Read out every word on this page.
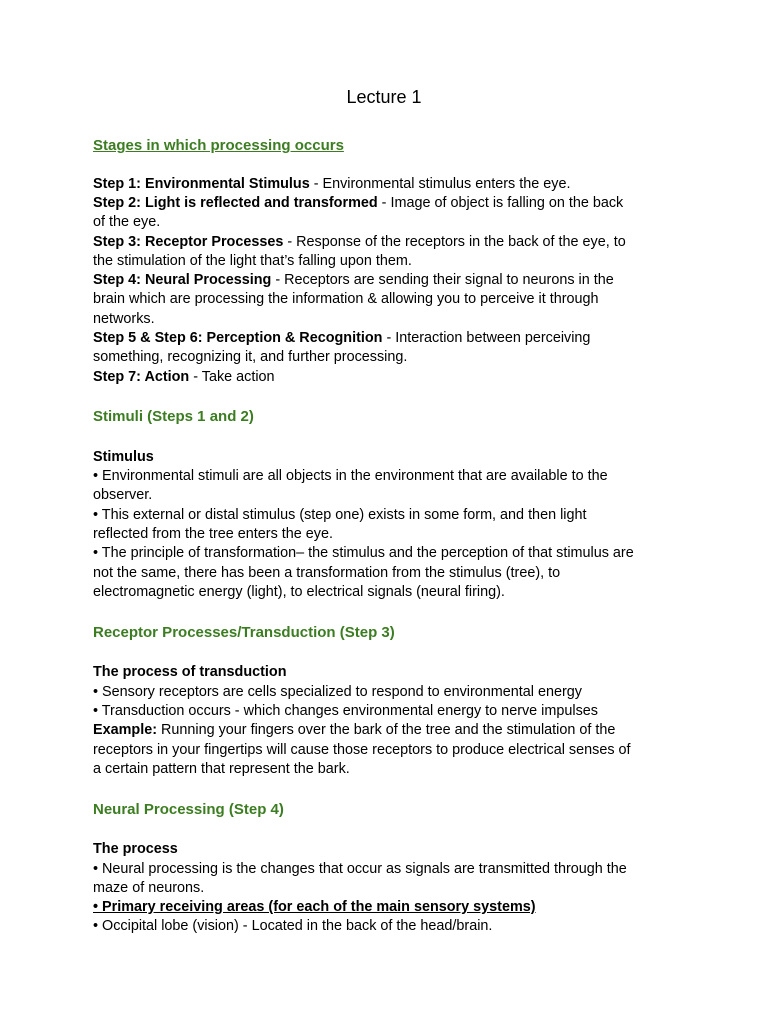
Lecture 1
Stages in which processing occurs
Step 1: Environmental Stimulus - Environmental stimulus enters the eye.
Step 2: Light is reflected and transformed - Image of object is falling on the back
of the eye.
Step 3: Receptor Processes - Response of the receptors in the back of the eye, to
the stimulation of the light that’s falling upon them.
Step 4: Neural Processing - Receptors are sending their signal to neurons in the
brain which are processing the information & allowing you to perceive it through
networks.
Step 5 & Step 6: Perception & Recognition - Interaction between perceiving
something, recognizing it, and further processing.
Step 7: Action - Take action
Stimuli (Steps 1 and 2)
Stimulus
• Environmental stimuli are all objects in the environment that are available to the
observer.
• This external or distal stimulus (step one) exists in some form, and then light
reflected from the tree enters the eye.
• The principle of transformation– the stimulus and the perception of that stimulus are
not the same, there has been a transformation from the stimulus (tree), to
electromagnetic energy (light), to electrical signals (neural firing).
Receptor Processes/Transduction (Step 3)
The process of transduction
• Sensory receptors are cells specialized to respond to environmental energy
• Transduction occurs - which changes environmental energy to nerve impulses
Example: Running your fingers over the bark of the tree and the stimulation of the
receptors in your fingertips will cause those receptors to produce electrical senses of
a certain pattern that represent the bark.
Neural Processing (Step 4)
The process
• Neural processing is the changes that occur as signals are transmitted through the
maze of neurons.
• Primary receiving areas (for each of the main sensory systems)
• Occipital lobe (vision) - Located in the back of the head/brain.
